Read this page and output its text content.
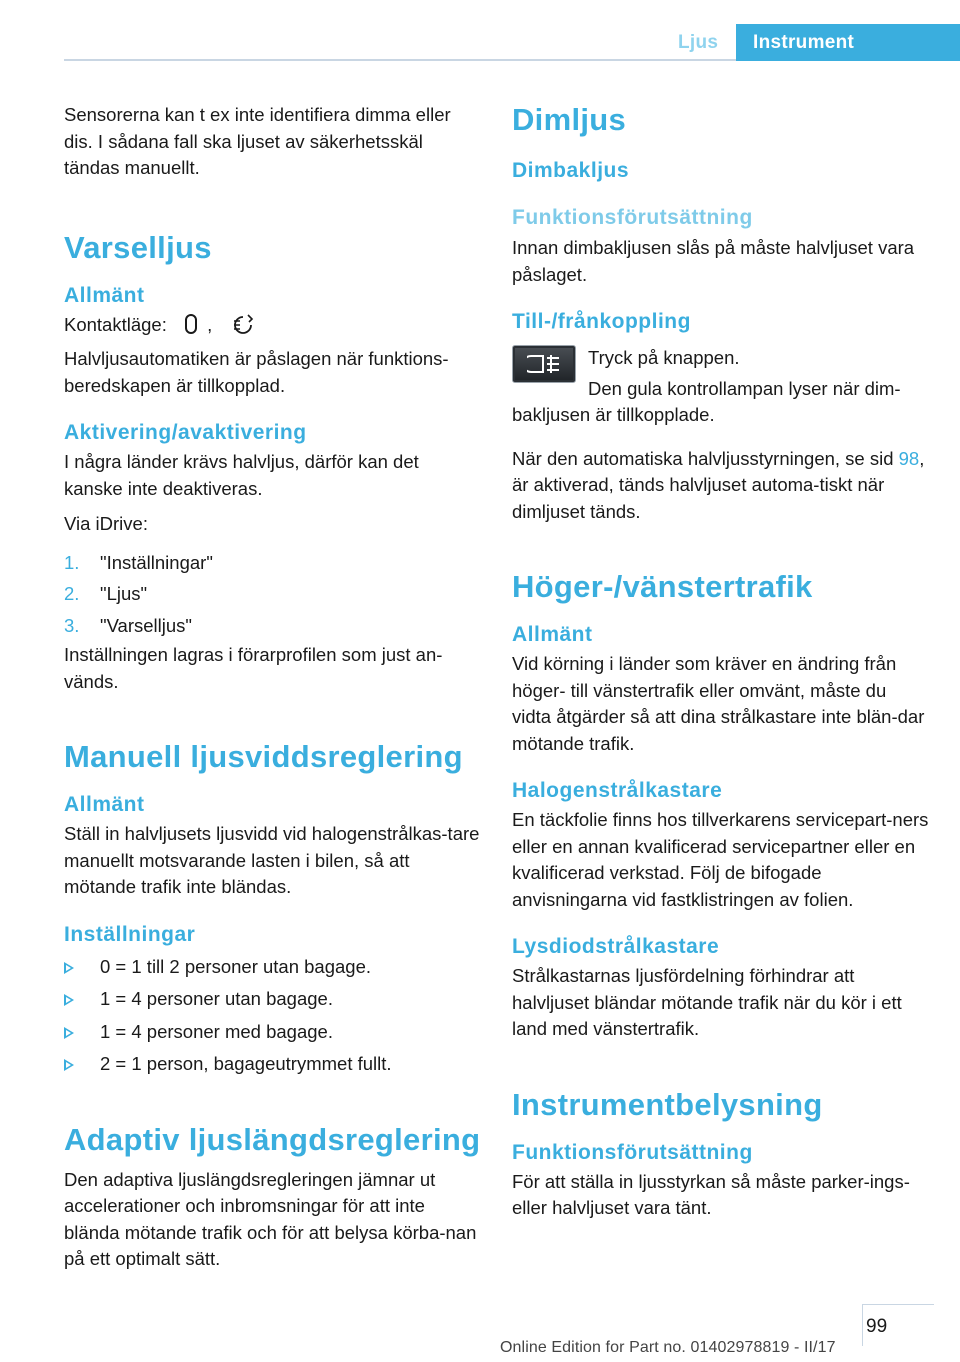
Ljus Instrument

Sensorerna kan t ex inte identifiera dimma eller dis. I sådana fall ska ljuset av säkerhetsskäl tändas manuellt.

Varselljus
Allmänt

Kontaktläge: ,

Halvljusautomatiken är påslagen när funktions-beredskapen är tillkopplad.

Aktivering/avaktivering

I några länder krävs halvljus, därför kan det kanske inte deaktiveras.

Via iDrive:

1. "Inställningar"
2. "Ljus"
3. "Varselljus"

Inställningen lagras i förarprofilen som just an-vänds.

Manuell ljusviddsreglering
Allmänt

Ställ in halvljusets ljusvidd vid halogenstrålkas-tare manuellt motsvarande lasten i bilen, så att mötande trafik inte bländas.

Inställningar
0 = 1 till 2 personer utan bagage.
1 = 4 personer utan bagage.
1 = 4 personer med bagage.
2 = 1 person, bagageutrymmet fullt.
Adaptiv ljuslängdsreglering

Den adaptiva ljuslängdsregleringen jämnar ut accelerationer och inbromsningar för att inte blända mötande trafik och för att belysa körba-nan på ett optimalt sätt.

Dimljus
Dimbakljus
Funktionsförutsättning

Innan dimbakljusen slås på måste halvljuset vara påslaget.

Till-/frånkoppling

Tryck på knappen.

Den gula kontrollampan lyser när dim-

bakljusen är tillkopplade.

När den automatiska halvljusstyrningen, se sid 98, är aktiverad, tänds halvljuset automa-tiskt när dimljuset tänds.

Höger-/vänstertrafik
Allmänt

Vid körning i länder som kräver en ändring från höger- till vänstertrafik eller omvänt, måste du vidta åtgärder så att dina strålkastare inte blän-dar mötande trafik.

Halogenstrålkastare

En täckfolie finns hos tillverkarens servicepart-ners eller en annan kvalificerad servicepartner eller en kvalificerad verkstad. Följ de bifogade anvisningarna vid fastklistringen av folien.

Lysdiodstrålkastare

Strålkastarnas ljusfördelning förhindrar att halvljuset bländar mötande trafik när du kör i ett land med vänstertrafik.

Instrumentbelysning
Funktionsförutsättning

För att ställa in ljusstyrkan så måste parker-ings- eller halvljuset vara tänt.

99
Online Edition for Part no. 01402978819 - II/17
